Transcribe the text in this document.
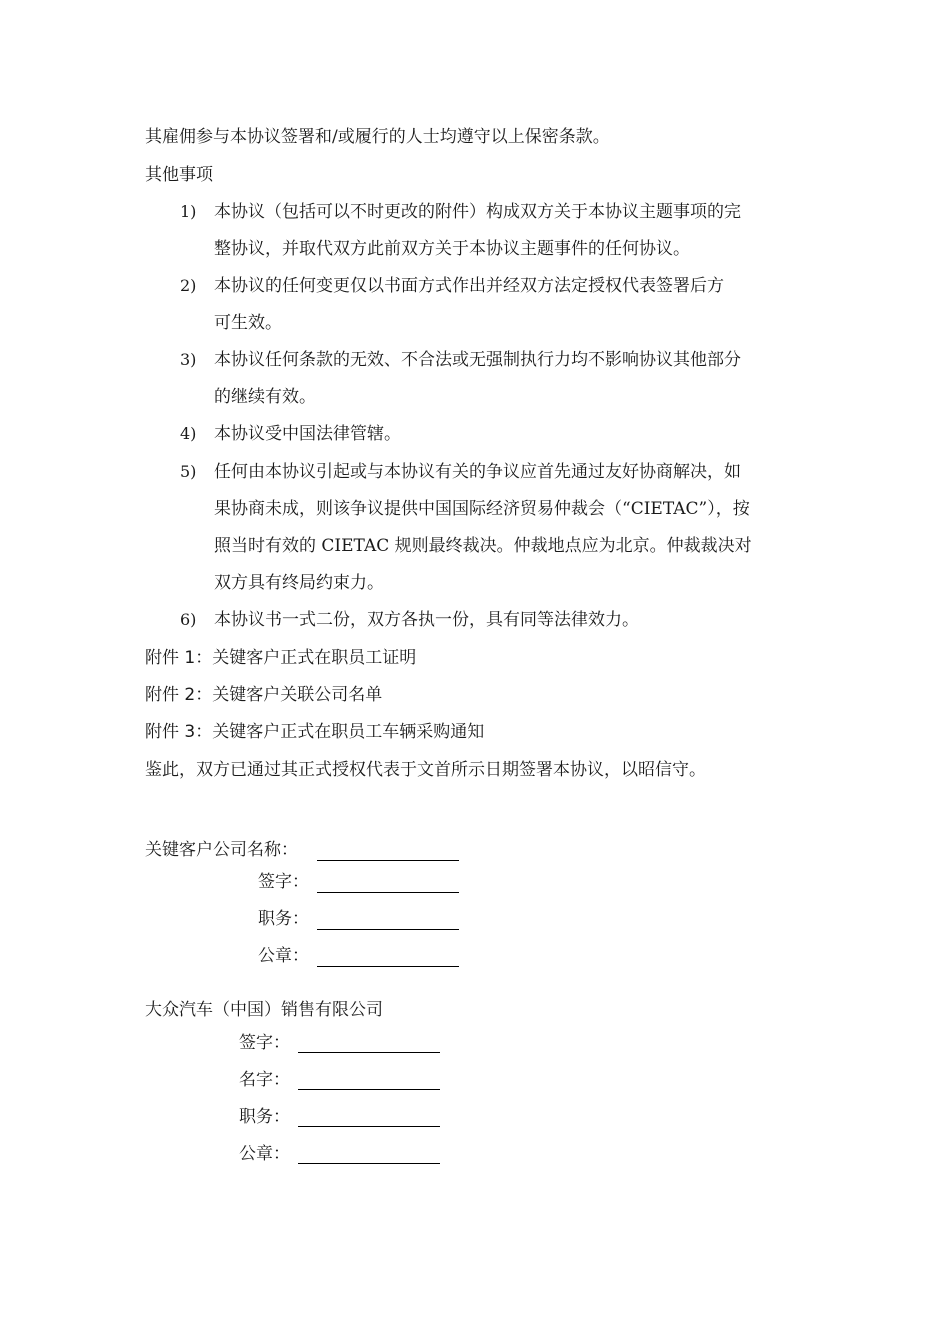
其雇佣参与本协议签署和/或履行的人士均遵守以上保密条款。
其他事项
1) 本协议（包括可以不时更改的附件）构成双方关于本协议主题事项的完
整协议，并取代双方此前双方关于本协议主题事件的任何协议。
2) 本协议的任何变更仅以书面方式作出并经双方法定授权代表签署后方
可生效。
3) 本协议任何条款的无效、不合法或无强制执行力均不影响协议其他部分
的继续有效。
4) 本协议受中国法律管辖。
5) 任何由本协议引起或与本协议有关的争议应首先通过友好协商解决，如
果协商未成，则该争议提供中国国际经济贸易仲裁会（“CIETAC”），按
照当时有效的 CIETAC 规则最终裁决。仲裁地点应为北京。仲裁裁决对
双方具有终局约束力。
6) 本协议书一式二份，双方各执一份，具有同等法律效力。
附件 1：关键客户正式在职员工证明
附件 2：关键客户关联公司名单
附件 3：关键客户正式在职员工车辆采购通知
鉴此，双方已通过其正式授权代表于文首所示日期签署本协议，以昭信守。
关键客户公司名称：
签字：
职务：
公章：
大众汽车（中国）销售有限公司
签字：
名字：
职务：
公章：
